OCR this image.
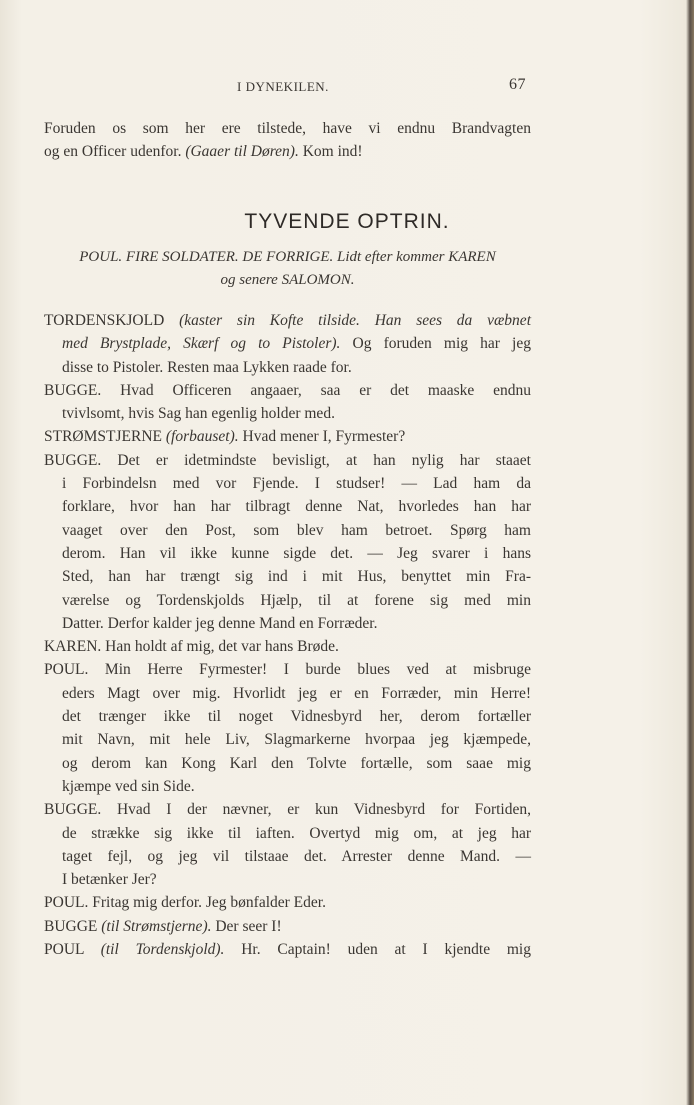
I DYNEKILEN.	67
Foruden os som her ere tilstede, have vi endnu Brandvagten
og en Officer udenfor. (Gaaer til Døren). Kom ind!
TYVENDE OPTRIN.
POUL. FIRE SOLDATER. DE FORRIGE. Lidt efter kommer KAREN
og senere SALOMON.
TORDENSKJOLD (kaster sin Kofte tilside. Han sees da væbnet
med Brystplade, Skærf og to Pistoler). Og foruden mig har jeg
disse to Pistoler. Resten maa Lykken raade for.
BUGGE. Hvad Officeren angaaer, saa er det maaske endnu
tvivlsomt, hvis Sag han egenlig holder med.
STRØMSTJERNE (forbauset). Hvad mener I, Fyrmester?
BUGGE. Det er idetmindste bevisligt, at han nylig har staaet
i Forbindelsn med vor Fjende. I studser! — Lad ham da
forklare, hvor han har tilbragt denne Nat, hvorledes han har
vaaget over den Post, som blev ham betroet. Spørg ham
derom. Han vil ikke kunne sigde det. — Jeg svarer i hans
Sted, han har trængt sig ind i mit Hus, benyttet min Fra-
værelse og Tordenskjolds Hjælp, til at forene sig med min
Datter. Derfor kalder jeg denne Mand en Forræder.
KAREN. Han holdt af mig, det var hans Brøde.
POUL. Min Herre Fyrmester! I burde blues ved at misbruge
eders Magt over mig. Hvorlidt jeg er en Forræder, min Herre!
det trænger ikke til noget Vidnesbyrd her, derom fortæller
mit Navn, mit hele Liv, Slagmarkerne hvorpaa jeg kjæmpede,
og derom kan Kong Karl den Tolvte fortælle, som saae mig
kjæmpe ved sin Side.
BUGGE. Hvad I der nævner, er kun Vidnesbyrd for Fortiden,
de strække sig ikke til iaften. Overtyd mig om, at jeg har
taget fejl, og jeg vil tilstaae det. Arrester denne Mand. —
I betænker Jer?
POUL. Fritag mig derfor. Jeg bønfalder Eder.
BUGGE (til Strømstjerne). Der seer I!
POUL (til Tordenskjold). Hr. Captain! uden at I kjendte mig
